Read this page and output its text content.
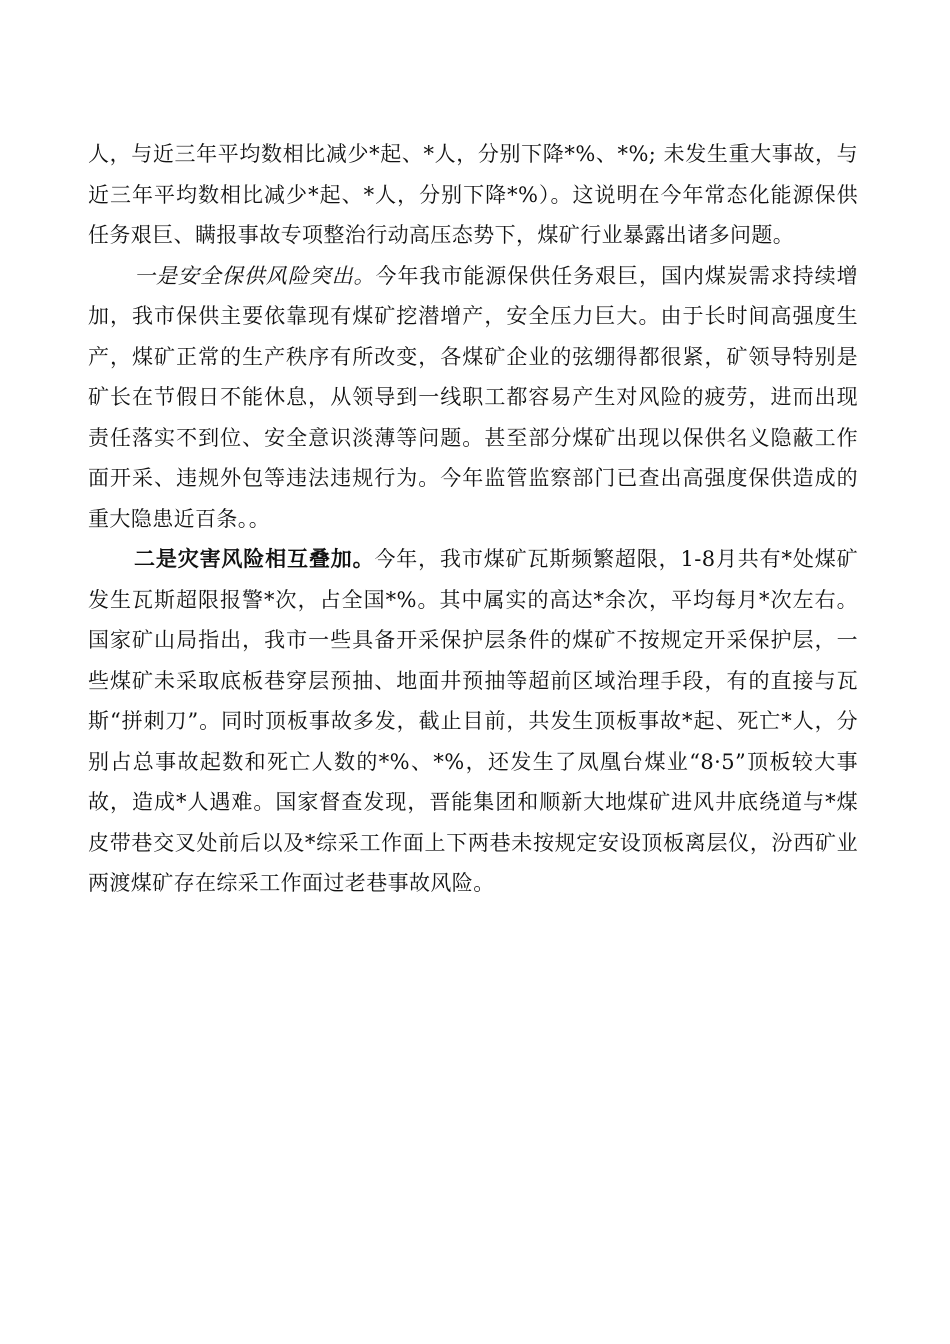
人，与近三年平均数相比减少*起、*人，分别下降*%、*%; 未发生重大事故，与近三年平均数相比减少*起、*人，分别下降*%）。这说明在今年常态化能源保供任务艰巨、瞒报事故专项整治行动高压态势下，煤矿行业暴露出诸多问题。

一是安全保供风险突出。今年我市能源保供任务艰巨，国内煤炭需求持续增加，我市保供主要依靠现有煤矿挖潜增产，安全压力巨大。由于长时间高强度生产，煤矿正常的生产秩序有所改变，各煤矿企业的弦绷得都很紧，矿领导特别是矿长在节假日不能休息，从领导到一线职工都容易产生对风险的疲劳，进而出现责任落实不到位、安全意识淡薄等问题。甚至部分煤矿出现以保供名义隐蔽工作面开采、违规外包等违法违规行为。今年监管监察部门已查出高强度保供造成的重大隐患近百条。。

二是灾害风险相互叠加。今年，我市煤矿瓦斯频繁超限，1-8月共有*处煤矿发生瓦斯超限报警*次，占全国*%。其中属实的高达*余次，平均每月*次左右。国家矿山局指出，我市一些具备开采保护层条件的煤矿不按规定开采保护层，一些煤矿未采取底板巷穿层预抽、地面井预抽等超前区域治理手段，有的直接与瓦斯“拼刺刀”。同时顶板事故多发，截止目前，共发生顶板事故*起、死亡*人，分别占总事故起数和死亡人数的*%、*%，还发生了凤凰台煤业“8·5”顶板较大事故，造成*人遇难。国家督查发现，晋能集团和顺新大地煤矿进风井底绕道与*煤皮带巷交叉处前后以及*综采工作面上下两巷未按规定安设顶板离层仪，汾西矿业两渡煤矿存在综采工作面过老巷事故风险。
